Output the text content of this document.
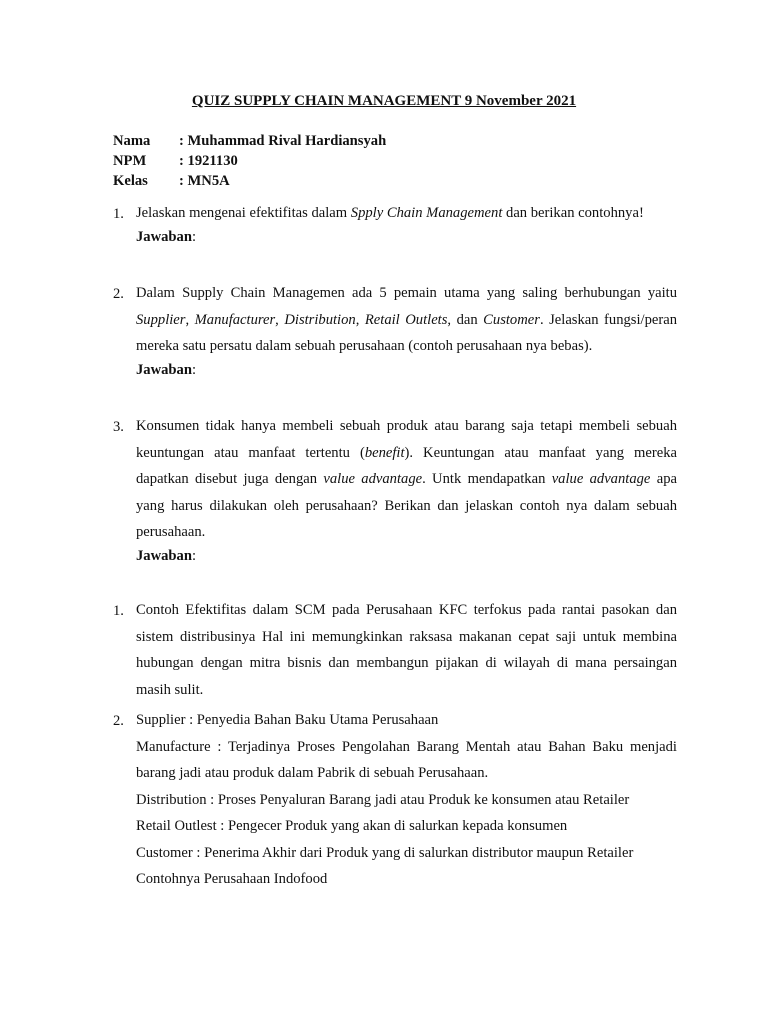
QUIZ SUPPLY CHAIN MANAGEMENT 9 November 2021
Nama	: Muhammad Rival Hardiansyah
NPM	: 1921130
Kelas	: MN5A
1. Jelaskan mengenai efektifitas dalam Spply Chain Management dan berikan contohnya!
Jawaban:
2. Dalam Supply Chain Managemen ada 5 pemain utama yang saling berhubungan yaitu
Supplier, Manufacturer, Distribution, Retail Outlets, dan Customer. Jelaskan fungsi/peran
mereka satu persatu dalam sebuah perusahaan (contoh perusahaan nya bebas).
Jawaban:
3. Konsumen tidak hanya membeli sebuah produk atau barang saja tetapi membeli sebuah
keuntungan atau manfaat tertentu (benefit). Keuntungan atau manfaat yang mereka
dapatkan disebut juga dengan value advantage. Untk mendapatkan value advantage apa
yang harus dilakukan oleh perusahaan? Berikan dan jelaskan contoh nya dalam sebuah
perusahaan.
Jawaban:
1. Contoh Efektifitas dalam SCM pada Perusahaan KFC terfokus pada rantai pasokan dan
sistem distribusinya Hal ini memungkinkan raksasa makanan cepat saji untuk membina
hubungan dengan mitra bisnis dan membangun pijakan di wilayah di mana persaingan
masih sulit.
2. Supplier : Penyedia Bahan Baku Utama Perusahaan
Manufacture : Terjadinya Proses Pengolahan Barang Mentah atau Bahan Baku menjadi
barang jadi atau produk dalam Pabrik di sebuah Perusahaan.
Distribution : Proses Penyaluran Barang jadi atau Produk ke konsumen atau Retailer
Retail Outlest : Pengecer Produk yang akan di salurkan kepada konsumen
Customer : Penerima Akhir dari Produk yang di salurkan distributor maupun Retailer
Contohnya Perusahaan Indofood
